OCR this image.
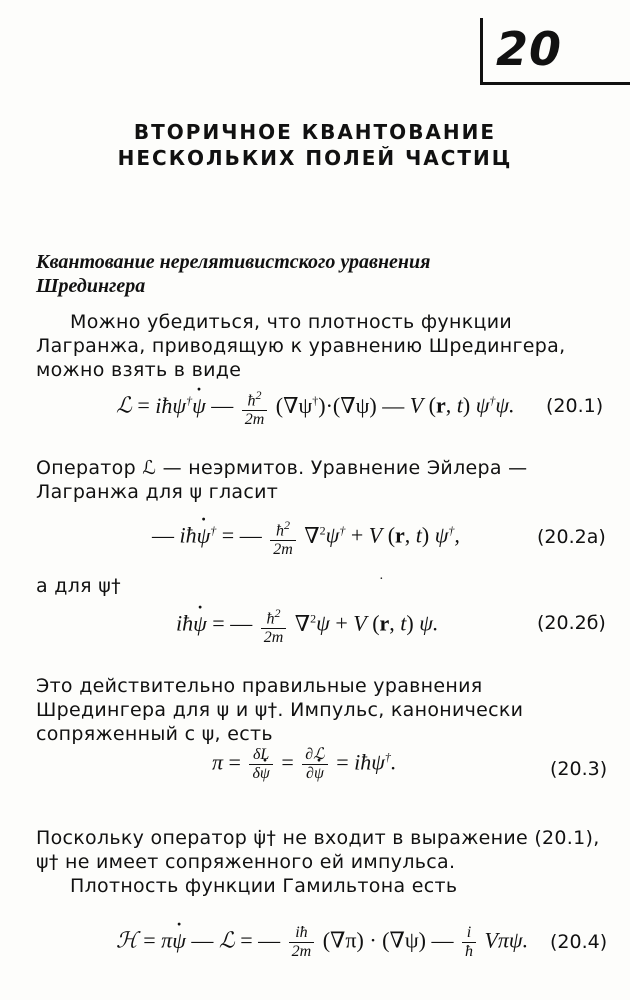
20
ВТОРИЧНОЕ КВАНТОВАНИЕ
НЕСКОЛЬКИХ ПОЛЕЙ ЧАСТИЦ
Квантование нерелятивистского уравнения
Шредингера
Можно убедиться, что плотность функции Лагранжа, приводящую к уравнению Шредингера, можно взять в виде
ℒ = iħψ†ψ · — $\frac{ħ^2}{2m} (\nabla\psi^\dagger)\cdot(\nabla\psi)$ — V (r, t) ψ†ψ. (20.1)
Оператор ℒ — неэрмитов. Уравнение Эйлера — Лагранжа для ψ гласит
— iħψ ·† = — $\frac{ħ^2}{2m} \nabla^2\psi^\dagger + V$ (r, t) ψ†,	(20.2a)
а для ψ†	·
iħψ · = — $\frac{ħ^2}{2m} \nabla^2\psi + V$ (r, t) ψ.	(20.2б)
Это действительно правильные уравнения Шредингера для ψ и ψ†. Импульс, канонически сопряженный с ψ, есть
$\pi = \frac{\delta L}{\delta\psi}$ · = $\frac{\text{∂ℒ}}{\partial\psi}$ · = iħψ†.	(20.3)
Поскольку оператор ψ̇† не входит в выражение (20.1), ψ† не имеет сопряженного ей импульса.
Плотность функции Гамильтона есть
ℋ = πψ · — ℒ = — $\frac{iħ}{2m} (\nabla\pi) \cdot (\nabla\psi)$ — $\frac{i}{ħ} V\pi\psi$. (20.4)
